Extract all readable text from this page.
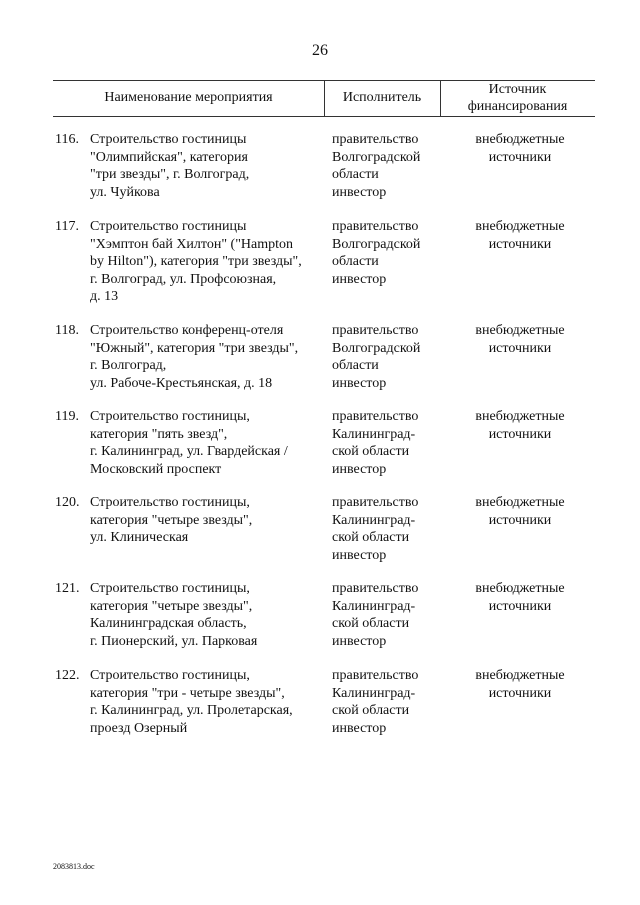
26
Наименование мероприятия	Исполнитель
Источник
финансирования
116. Строительство гостиницы
"Олимпийская", категория
"три звезды", г. Волгоград,
ул. Чуйкова
правительство
Волгоградской
области
инвестор
внебюджетные
источники
117. Строительство гостиницы
"Хэмптон бай Хилтон" ("Hampton
by Hilton"), категория "три звезды",
г. Волгоград, ул. Профсоюзная,
д. 13
правительство
Волгоградской
области
инвестор
внебюджетные
источники
118. Строительство конференц-отеля
"Южный", категория "три звезды",
г. Волгоград,
ул. Рабоче-Крестьянская, д. 18
правительство
Волгоградской
области
инвестор
внебюджетные
источники
119. Строительство гостиницы,
категория "пять звезд",
г. Калининград, ул. Гвардейская /
Московский проспект
правительство
Калининград-
ской области
инвестор
внебюджетные
источники
120. Строительство гостиницы,
категория "четыре звезды",
ул. Клиническая
правительство
Калининград-
ской области
инвестор
внебюджетные
источники
121. Строительство гостиницы,
категория "четыре звезды",
Калининградская область,
г. Пионерский, ул. Парковая
правительство
Калининград-
ской области
инвестор
внебюджетные
источники
122. Строительство гостиницы,
категория "три - четыре звезды",
г. Калининград, ул. Пролетарская,
проезд Озерный
правительство
Калининград-
ской области
инвестор
внебюджетные
источники
2083813.doc
